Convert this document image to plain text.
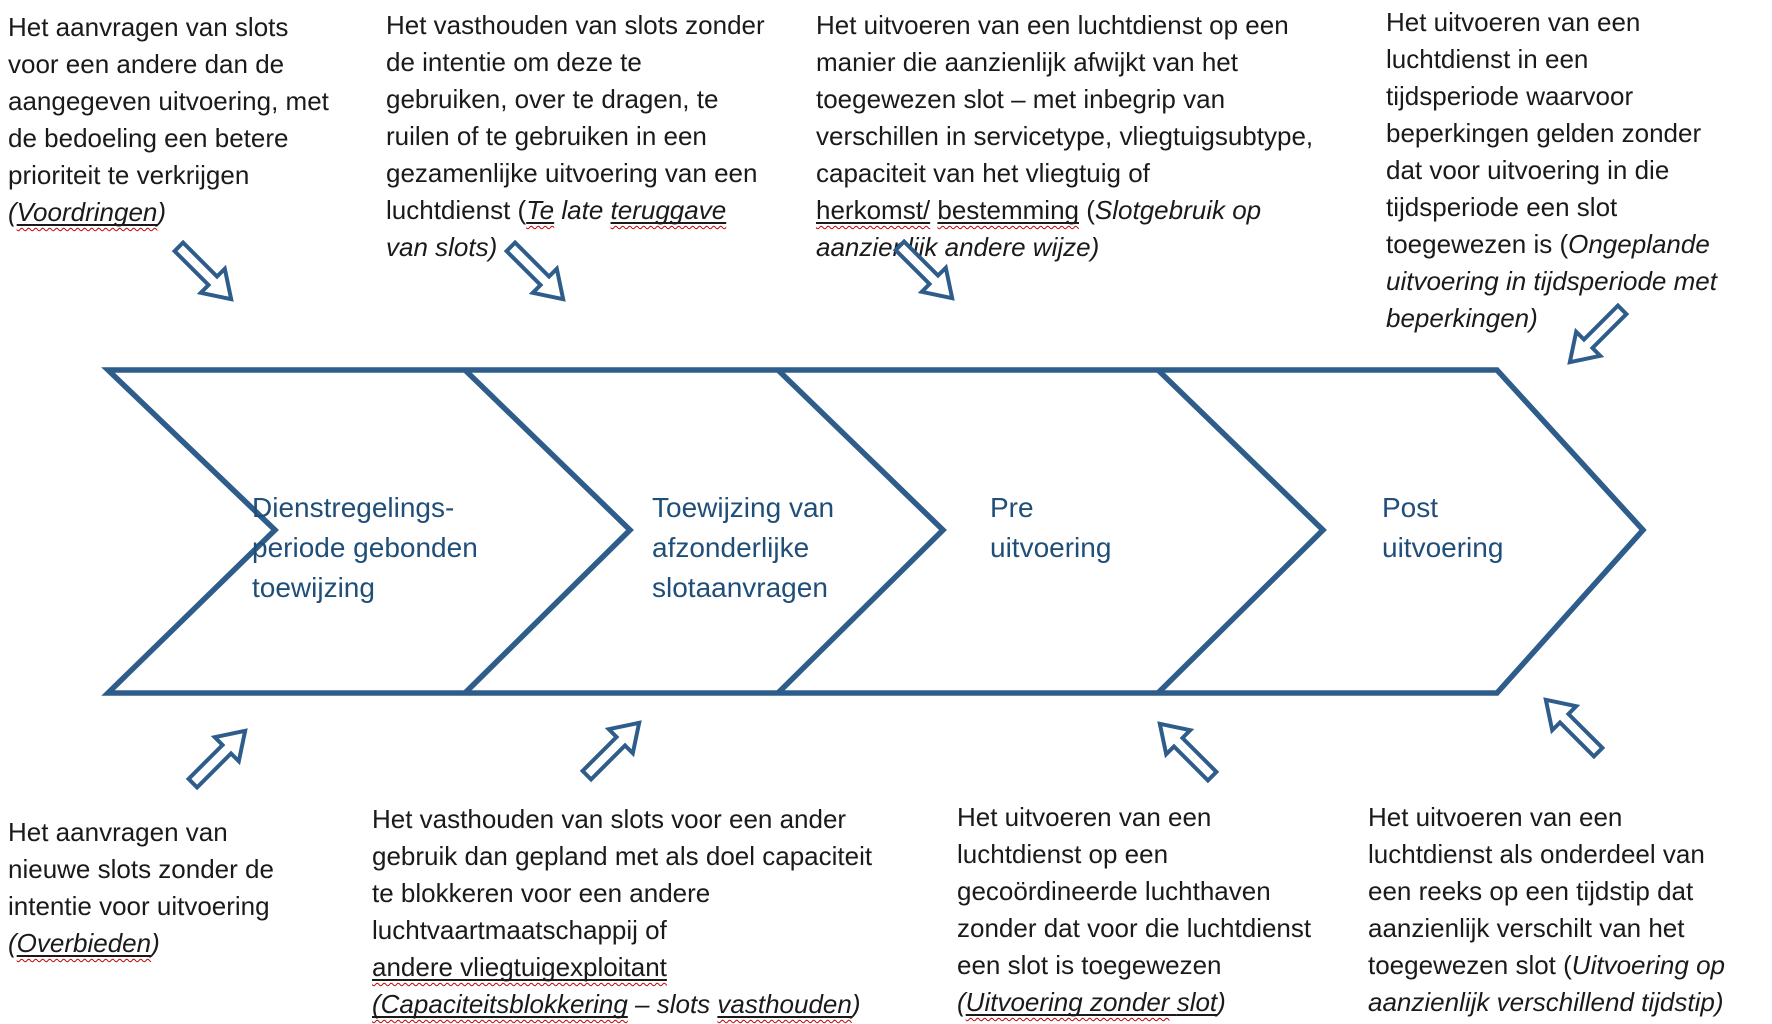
Dienstregelings-
periode gebonden
toewijzing
Toewijzing van
afzonderlijke
slotaanvragen
Pre
uitvoering
Post
uitvoering
Het aanvragen van slots
voor een andere dan de
aangegeven uitvoering, met
de bedoeling een betere
prioriteit te verkrijgen
(Voordringen)
Het vasthouden van slots zonder
de intentie om deze te
gebruiken, over te dragen, te
ruilen of te gebruiken in een
gezamenlijke uitvoering van een
luchtdienst (Te late teruggave
van slots)
Het uitvoeren van een luchtdienst op een
manier die aanzienlijk afwijkt van het
toegewezen slot – met inbegrip van
verschillen in servicetype, vliegtuigsubtype,
capaciteit van het vliegtuig of
herkomst/ bestemming (Slotgebruik op
aanzienlijk andere wijze)
Het uitvoeren van een
luchtdienst in een
tijdsperiode waarvoor
beperkingen gelden zonder
dat voor uitvoering in die
tijdsperiode een slot
toegewezen is (Ongeplande
uitvoering in tijdsperiode met
beperkingen)
Het aanvragen van
nieuwe slots zonder de
intentie voor uitvoering
(Overbieden)
Het vasthouden van slots voor een ander
gebruik dan gepland met als doel capaciteit
te blokkeren voor een andere
luchtvaartmaatschappij of
andere vliegtuigexploitant
(Capaciteitsblokkering – slots vasthouden)
Het uitvoeren van een
luchtdienst op een
gecoördineerde luchthaven
zonder dat voor die luchtdienst
een slot is toegewezen
(Uitvoering zonder slot)
Het uitvoeren van een
luchtdienst als onderdeel van
een reeks op een tijdstip dat
aanzienlijk verschilt van het
toegewezen slot (Uitvoering op
aanzienlijk verschillend tijdstip)
